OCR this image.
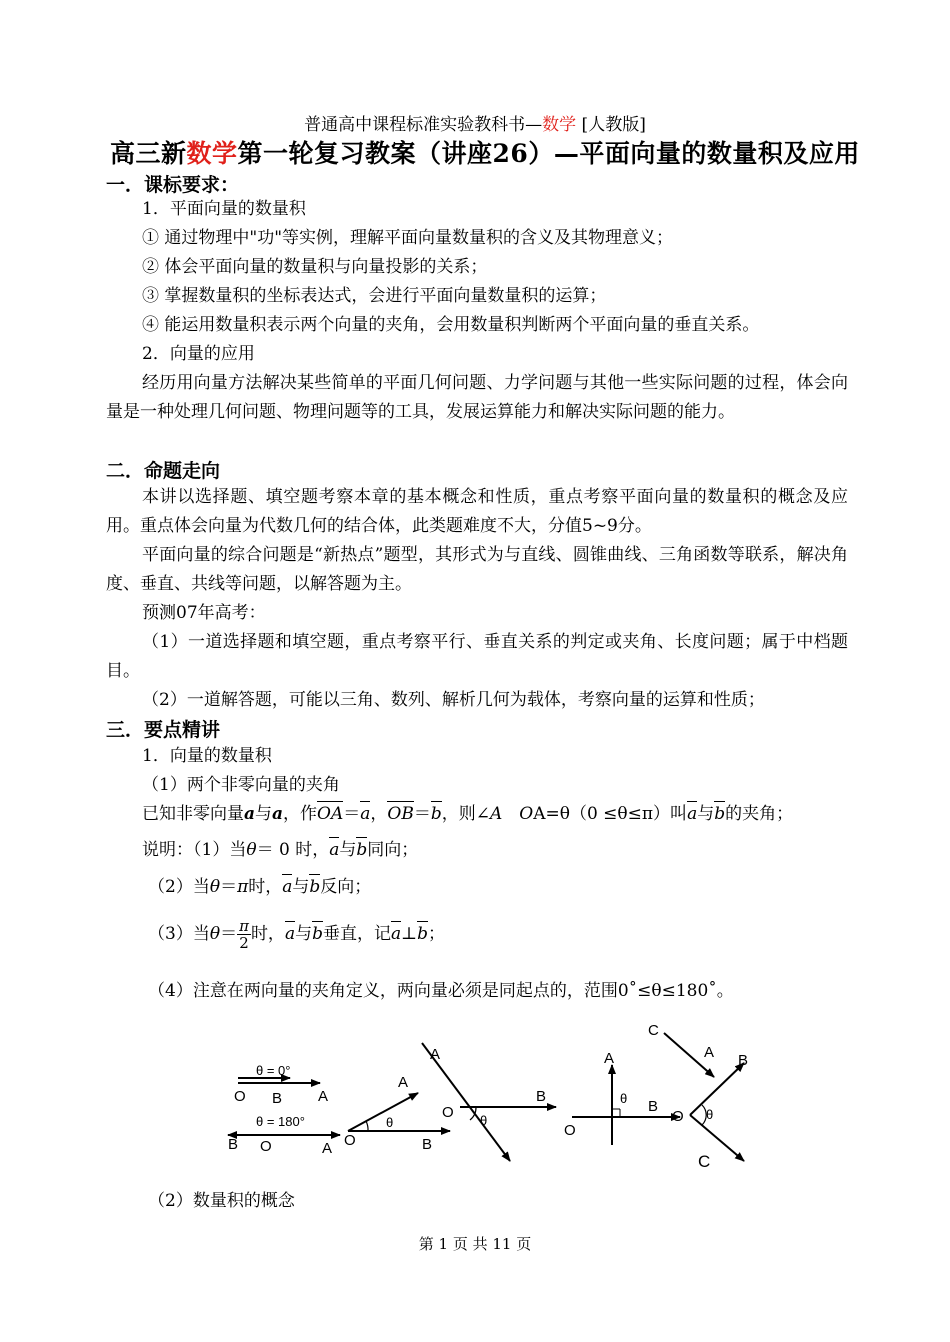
普通高中课程标准实验教科书—数学 [人教版]
高三新数学第一轮复习教案（讲座26）—平面向量的数量积及应用
一．课标要求：
1．平面向量的数量积
① 通过物理中"功"等实例，理解平面向量数量积的含义及其物理意义；
② 体会平面向量的数量积与向量投影的关系；
③ 掌握数量积的坐标表达式，会进行平面向量数量积的运算；
④ 能运用数量积表示两个向量的夹角，会用数量积判断两个平面向量的垂直关系。
2．向量的应用
经历用向量方法解决某些简单的平面几何问题、力学问题与其他一些实际问题的过程，体会向量是一种处理几何问题、物理问题等的工具，发展运算能力和解决实际问题的能力。
二．命题走向
本讲以选择题、填空题考察本章的基本概念和性质，重点考察平面向量的数量积的概念及应用。重点体会向量为代数几何的结合体，此类题难度不大，分值5~9分。
平面向量的综合问题是“新热点”题型，其形式为与直线、圆锥曲线、三角函数等联系，解决角度、垂直、共线等问题，以解答题为主。
预测07年高考：
（1）一道选择题和填空题，重点考察平行、垂直关系的判定或夹角、长度问题；属于中档题目。
（2）一道解答题，可能以三角、数列、解析几何为载体，考察向量的运算和性质；
三．要点精讲
1．向量的数量积
（1）两个非零向量的夹角
已知非零向量a与a，作OA＝a，OB＝b，则∠A　OA=θ（0 ≤θ≤π）叫a与b的夹角；
说明：（1）当θ＝ 0 时，a与b同向；
（2）当θ＝π时，a与b反向；
（3）当$\theta= \frac{\pi}{2}$ 时，a与b垂直，记a⊥b；
（4）注意在两向量的夹角定义，两向量必须是同起点的，范围0˚≤θ≤180˚。
θ = 0°
O B A
θ = 180°
B O	A O
A
B
θ
A
O
B
θ
A
O
B
θ
C
A B
O θ
C
（2）数量积的概念
第 1 页 共 11 页
